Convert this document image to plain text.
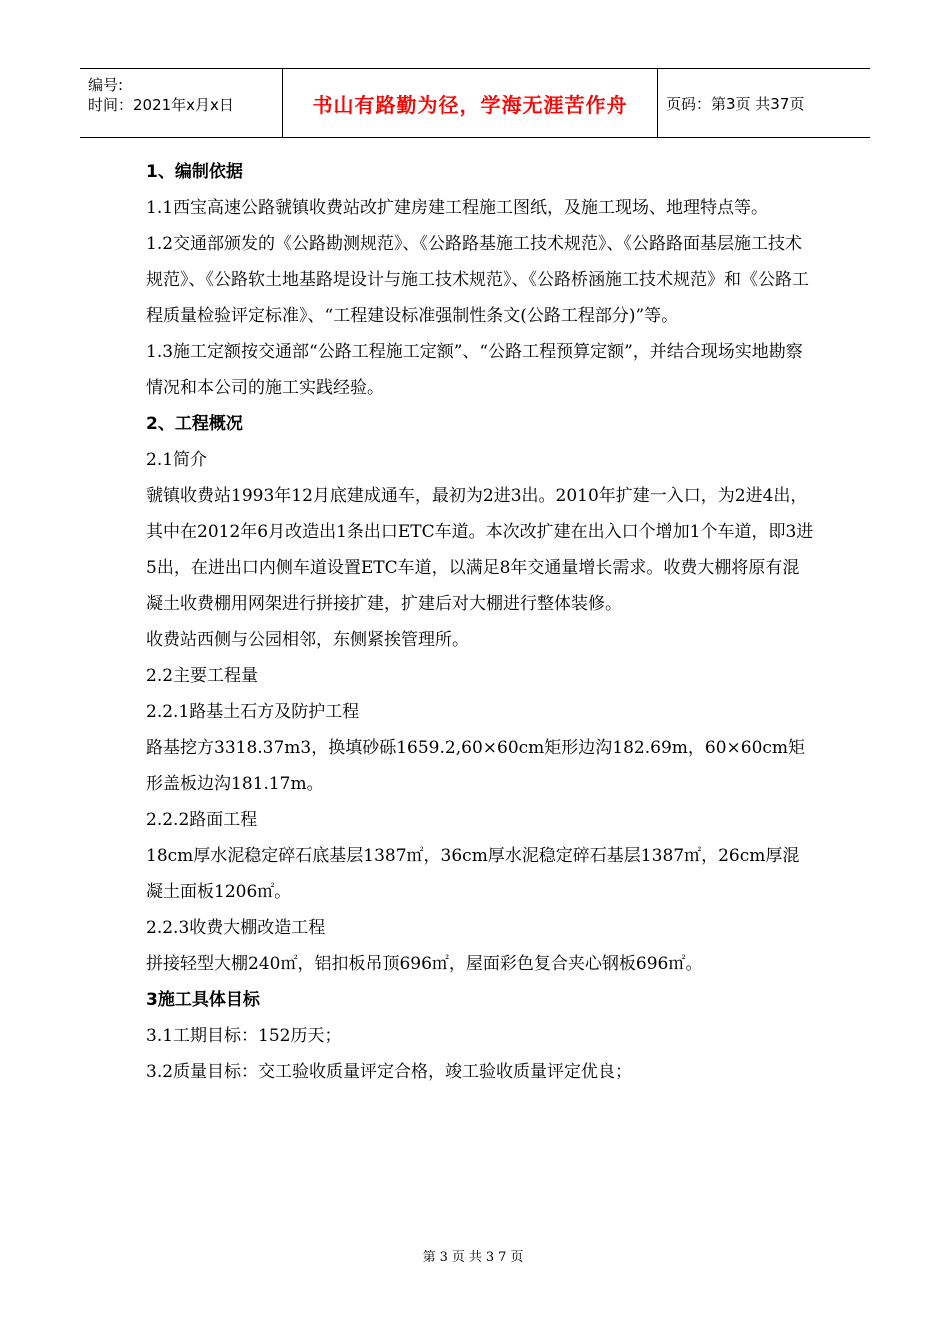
编号:
时间：2021年x月x日	书山有路勤为径，学海无涯苦作舟	页码：第3页 共37页
1、编制依据

1.1西宝高速公路虢镇收费站改扩建房建工程施工图纸，及施工现场、地理特点等。

1.2交通部颁发的《公路勘测规范》、《公路路基施工技术规范》、《公路路面基层施工技术规范》、《公路软土地基路堤设计与施工技术规范》、《公路桥涵施工技术规范》和《公路工程质量检验评定标准》、“工程建设标准强制性条文(公路工程部分)”等。

1.3施工定额按交通部“公路工程施工定额”、“公路工程预算定额”，并结合现场实地勘察情况和本公司的施工实践经验。

2、工程概况

2.1简介

虢镇收费站1993年12月底建成通车，最初为2进3出。2010年扩建一入口，为2进4出，其中在2012年6月改造出1条出口ETC车道。本次改扩建在出入口个增加1个车道，即3进5出，在进出口内侧车道设置ETC车道，以满足8年交通量增长需求。收费大棚将原有混凝土收费棚用网架进行拼接扩建，扩建后对大棚进行整体装修。

收费站西侧与公园相邻，东侧紧挨管理所。

2.2主要工程量

2.2.1路基土石方及防护工程

路基挖方3318.37m3，换填砂砾1659.2,60×60cm矩形边沟182.69m，60×60cm矩形盖板边沟181.17m。

2.2.2路面工程

18cm厚水泥稳定碎石底基层1387㎡，36cm厚水泥稳定碎石基层1387㎡，26cm厚混凝土面板1206㎡。

2.2.3收费大棚改造工程

拼接轻型大棚240㎡，铝扣板吊顶696㎡，屋面彩色复合夹心钢板696㎡。

3施工具体目标

3.1工期目标：152历天；

3.2质量目标：交工验收质量评定合格，竣工验收质量评定优良；

第3页共37页
